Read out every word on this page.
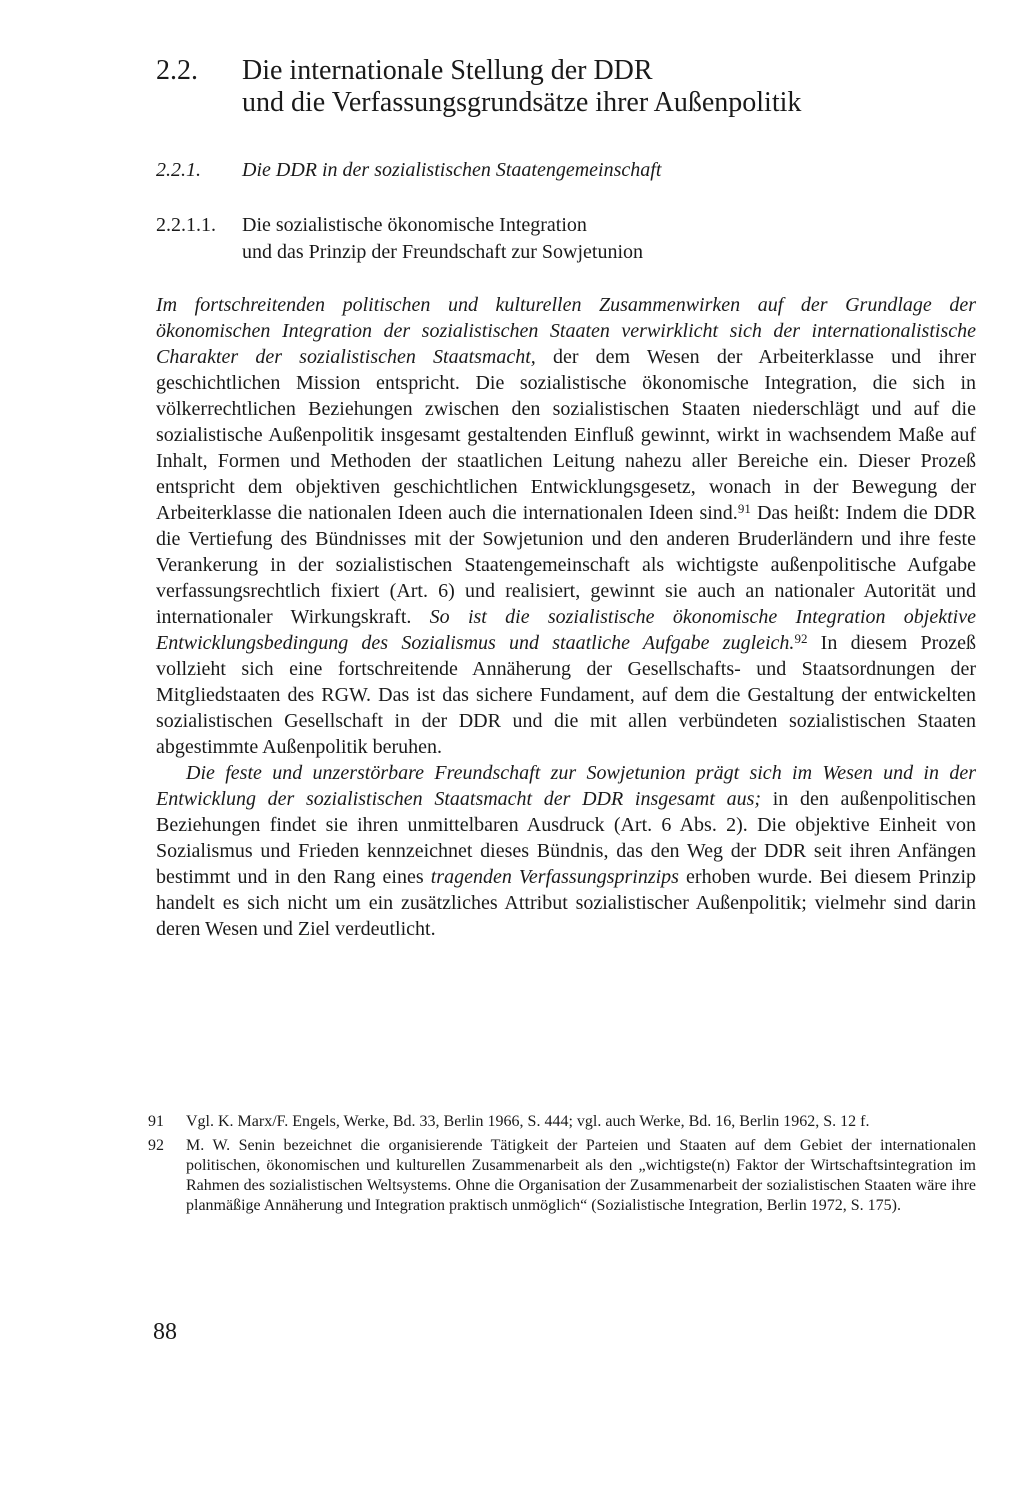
2.2. Die internationale Stellung der DDR
und die Verfassungsgrundsätze ihrer Außenpolitik
2.2.1. Die DDR in der sozialistischen Staatengemeinschaft
2.2.1.1. Die sozialistische ökonomische Integration
und das Prinzip der Freundschaft zur Sowjetunion

Im fortschreitenden politischen und kulturellen Zusammenwirken auf der Grundlage der ökonomischen Integration der sozialistischen Staaten verwirklicht sich der internationalistische Charakter der sozialistischen Staatsmacht, der dem Wesen der Arbeiterklasse und ihrer geschichtlichen Mission entspricht. Die sozialistische ökonomische Integration, die sich in völkerrechtlichen Beziehungen zwischen den sozialistischen Staaten niederschlägt und auf die sozialistische Außenpolitik insgesamt gestaltenden Einfluß gewinnt, wirkt in wachsendem Maße auf Inhalt, Formen und Methoden der staatlichen Leitung nahezu aller Bereiche ein. Dieser Prozeß entspricht dem objektiven geschichtlichen Entwicklungsgesetz, wonach in der Bewegung der Arbeiterklasse die nationalen Ideen auch die internationalen Ideen sind.$^{91}$ Das heißt: Indem die DDR die Vertiefung des Bündnisses mit der Sowjetunion und den anderen Bruderländern und ihre feste Verankerung in der sozialistischen Staatengemeinschaft als wichtigste außenpolitische Aufgabe verfassungsrechtlich fixiert (Art. 6) und realisiert, gewinnt sie auch an nationaler Autorität und internationaler Wirkungskraft. So ist die sozialistische ökonomische Integration objektive Entwicklungsbedingung des Sozialismus und staatliche Aufgabe zugleich.$^{92}$ In diesem Prozeß vollzieht sich eine fortschreitende Annäherung der Gesellschafts- und Staatsordnungen der Mitgliedstaaten des RGW. Das ist das sichere Fundament, auf dem die Gestaltung der entwickelten sozialistischen Gesellschaft in der DDR und die mit allen verbündeten sozialistischen Staaten abgestimmte Außenpolitik beruhen.

Die feste und unzerstörbare Freundschaft zur Sowjetunion prägt sich im Wesen und in der Entwicklung der sozialistischen Staatsmacht der DDR insgesamt aus; in den außenpolitischen Beziehungen findet sie ihren unmittelbaren Ausdruck (Art. 6 Abs. 2). Die objektive Einheit von Sozialismus und Frieden kennzeichnet dieses Bündnis, das den Weg der DDR seit ihren Anfängen bestimmt und in den Rang eines tragenden Verfassungsprinzips erhoben wurde. Bei diesem Prinzip handelt es sich nicht um ein zusätzliches Attribut sozialistischer Außenpolitik; vielmehr sind darin deren Wesen und Ziel verdeutlicht.

91 Vgl. K. Marx/F. Engels, Werke, Bd. 33, Berlin 1966, S. 444; vgl. auch Werke, Bd. 16, Berlin 1962, S. 12 f.
92 M. W. Senin bezeichnet die organisierende Tätigkeit der Parteien und Staaten auf dem Gebiet der internationalen politischen, ökonomischen und kulturellen Zusammenarbeit als den „wichtigste(n) Faktor der Wirtschaftsintegration im Rahmen des sozialistischen Weltsystems. Ohne die Organisation der Zusammenarbeit der sozialistischen Staaten wäre ihre planmäßige Annäherung und Integration praktisch unmöglich“ (Sozialistische Integration, Berlin 1972, S. 175).
88
